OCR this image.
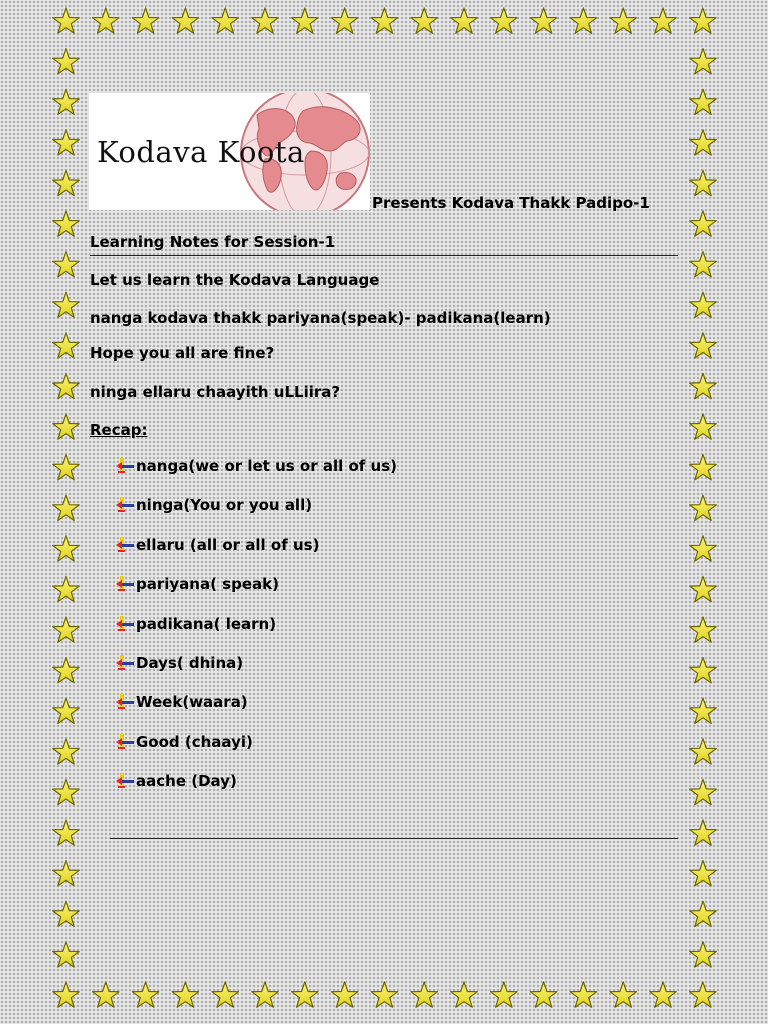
Kodava Koota
Presents Kodava Thakk Padipo-1
Learning Notes for Session-1
Let us learn the Kodava Language
nanga kodava thakk pariyana(speak)- padikana(learn)
Hope you all are fine?
ninga ellaru chaayith uLLiira?
Recap:
nanga(we or let us or all of us)
ninga(You or you all)
ellaru (all or all of us)
pariyana( speak)
padikana( learn)
Days( dhina)
Week(waara)
Good (chaayi)
aache (Day)
